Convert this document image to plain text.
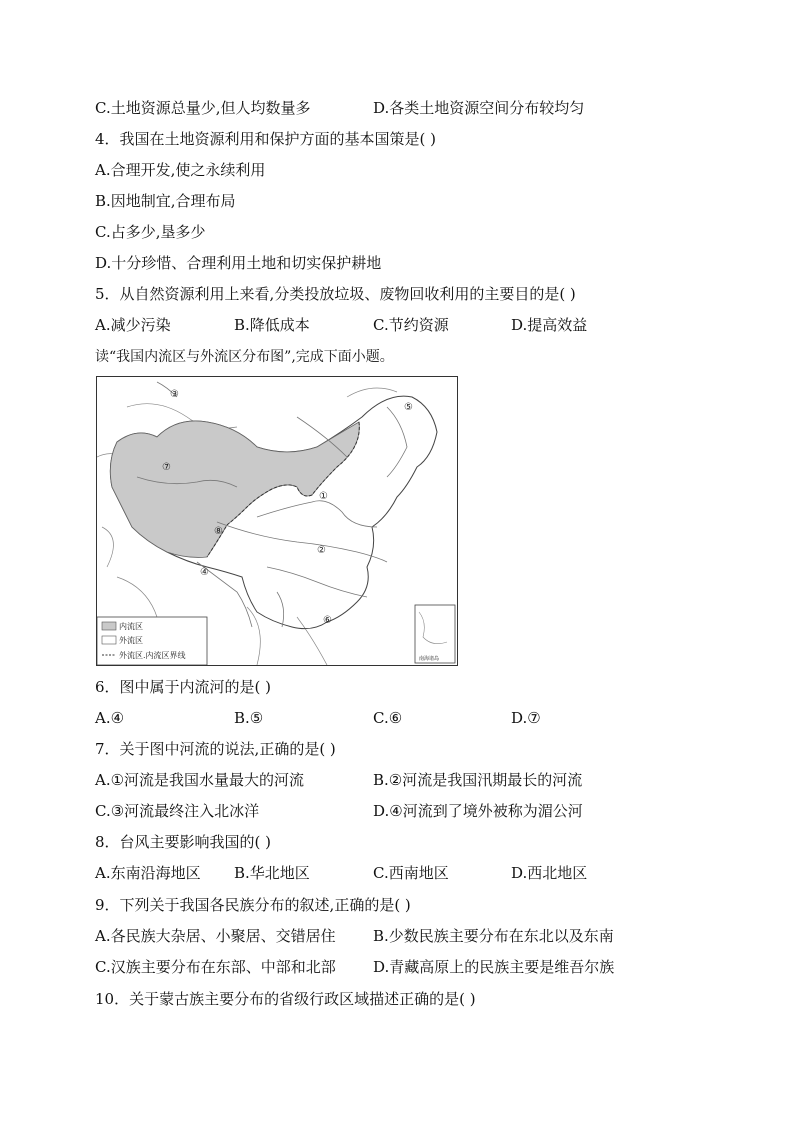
C.土地资源总量少,但人均数量多	D.各类土地资源空间分布较均匀
4．我国在土地资源利用和保护方面的基本国策是( )
A.合理开发,使之永续利用
B.因地制宜,合理布局
C.占多少,垦多少
D.十分珍惜、合理利用土地和切实保护耕地
5．从自然资源利用上来看,分类投放垃圾、废物回收利用的主要目的是( )
A.减少污染	B.降低成本	C.节约资源	D.提高效益
读“我国内流区与外流区分布图”,完成下面小题。
①
②
③
④
⑤
⑥
⑦
⑧
南海诸岛
内流区
外流区
外流区.内流区界线
6．图中属于内流河的是( )
A.④	B.⑤	C.⑥	D.⑦
7．关于图中河流的说法,正确的是( )
A.①河流是我国水量最大的河流	B.②河流是我国汛期最长的河流
C.③河流最终注入北冰洋	D.④河流到了境外被称为湄公河
8．台风主要影响我国的( )
A.东南沿海地区 B.华北地区	C.西南地区	D.西北地区
9．下列关于我国各民族分布的叙述,正确的是( )
A.各民族大杂居、小聚居、交错居住 B.少数民族主要分布在东北以及东南
C.汉族主要分布在东部、中部和北部 D.青藏高原上的民族主要是维吾尔族
10．关于蒙古族主要分布的省级行政区域描述正确的是( )
